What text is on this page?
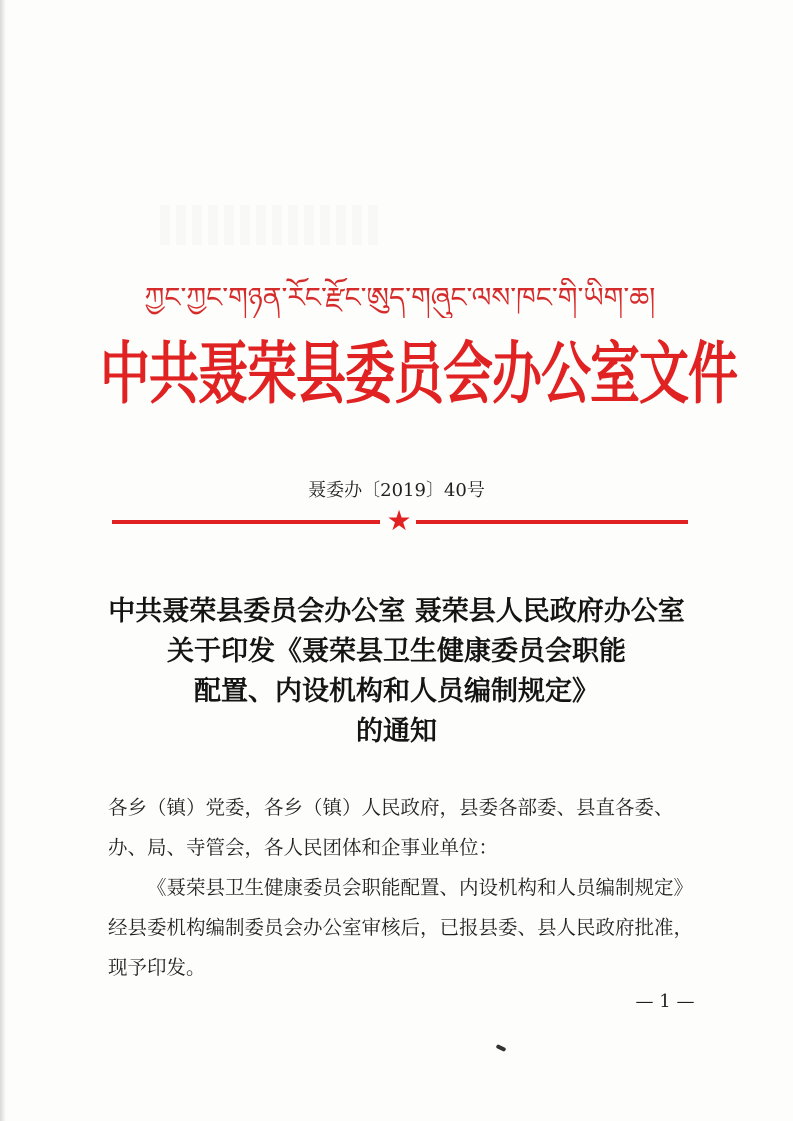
ཀྱང་ཀྱང་གཉན་རོང་རྫོང་ཨུད་གཞུང་ལས་ཁང་གི་ཡིག་ཆ།
中共聂荣县委员会办公室文件
聂委办〔2019〕40号
★
中共聂荣县委员会办公室 聂荣县人民政府办公室
关于印发《聂荣县卫生健康委员会职能
配置、内设机构和人员编制规定》
的通知

各乡（镇）党委，各乡（镇）人民政府，县委各部委、县直各委、办、局、寺管会，各人民团体和企事业单位：

《聂荣县卫生健康委员会职能配置、内设机构和人员编制规定》经县委机构编制委员会办公室审核后，已报县委、县人民政府批准，现予印发。

— 1 —
